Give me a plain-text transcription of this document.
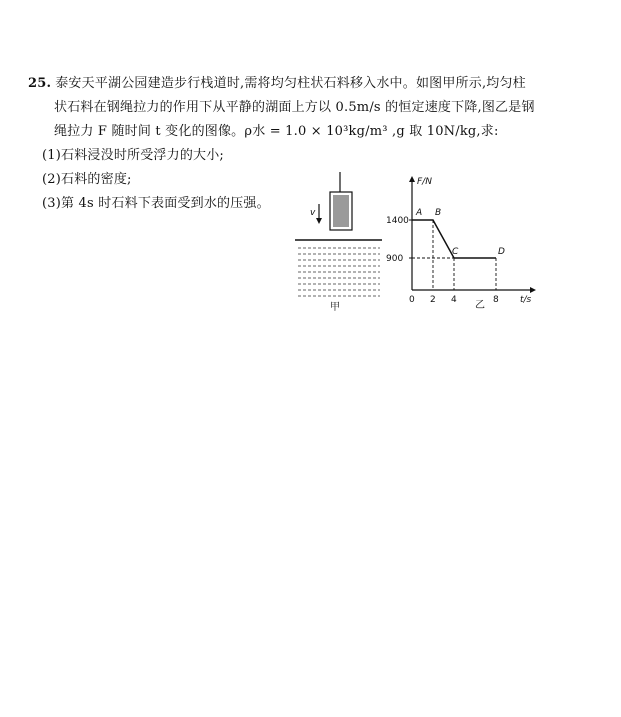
25. 泰安天平湖公园建造步行栈道时,需将均匀柱状石料移入水中。如图甲所示,均匀柱
状石料在钢绳拉力的作用下从平静的湖面上方以 0.5m/s 的恒定速度下降,图乙是钢
绳拉力 F 随时间 t 变化的图像。ρ水 = 1.0 × 10³kg/m³ ,g 取 10N/kg,求:
(1)石料浸没时所受浮力的大小;
(2)石料的密度;
(3)第 4s 时石料下表面受到水的压强。
v
甲
F/N
t/s
0
1400
900
2 4	8
A B
C	D
乙
